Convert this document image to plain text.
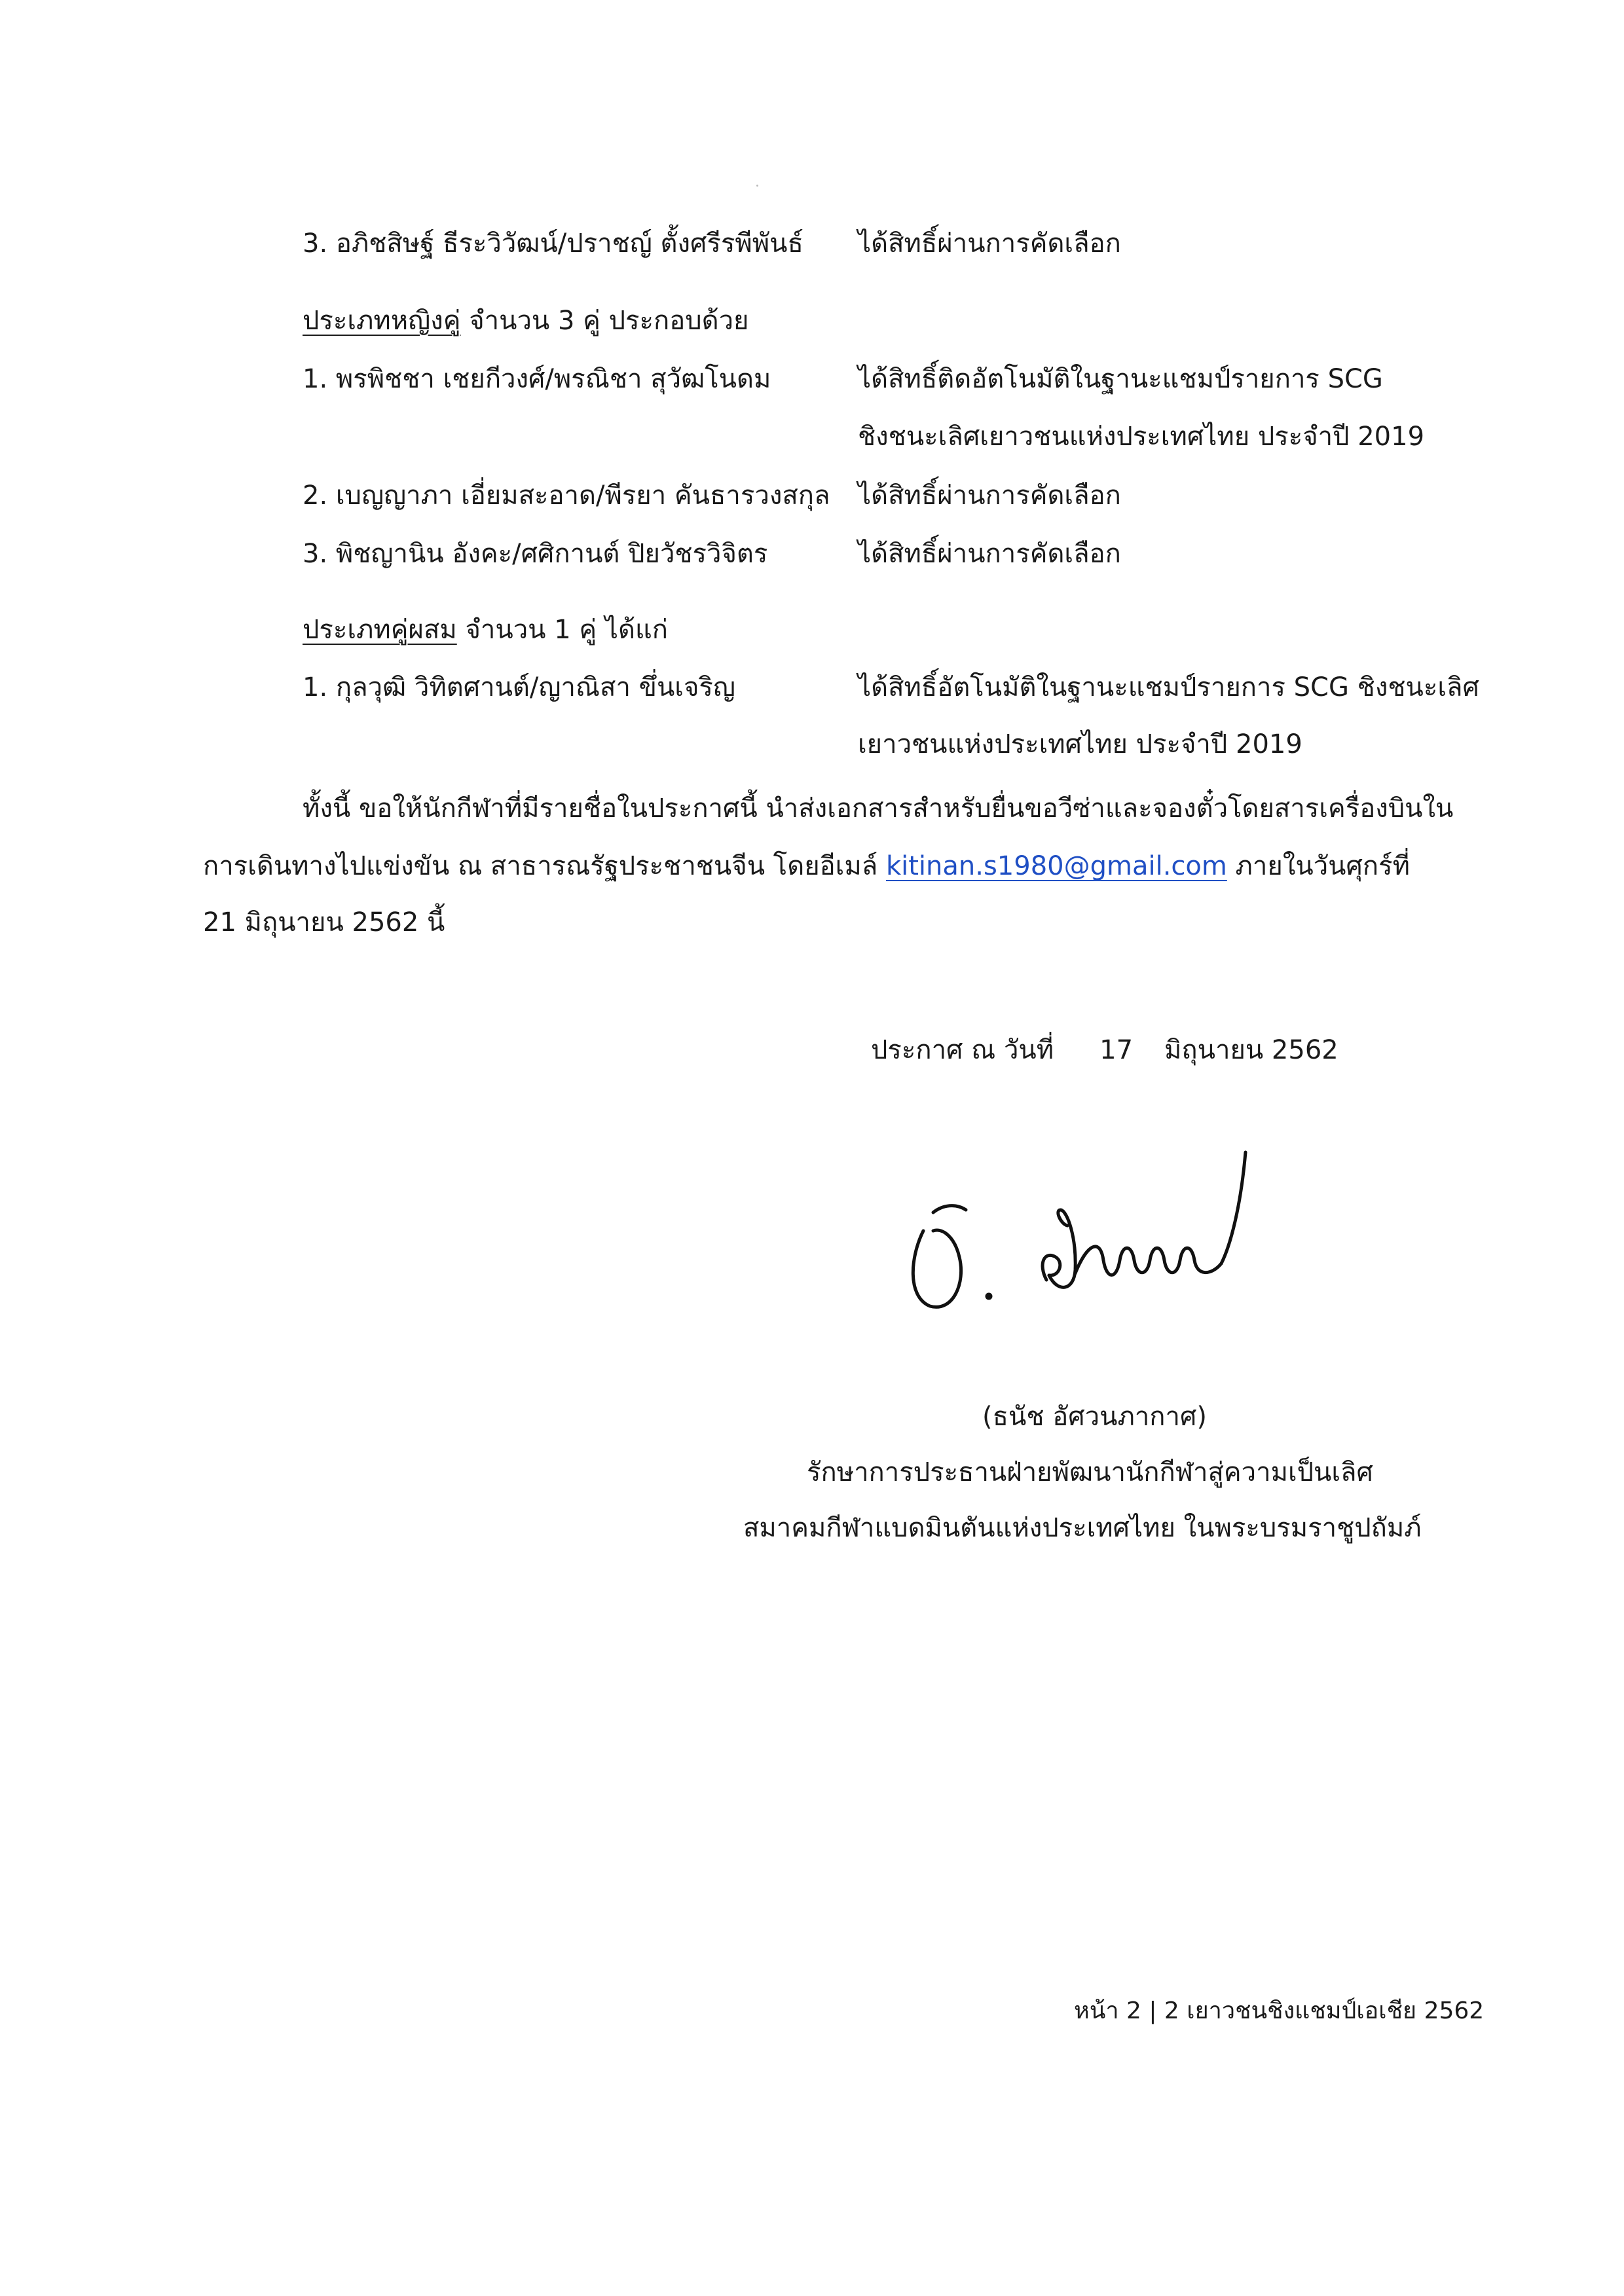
3. อภิชสิษฐ์ ธีระวิวัฒน์/ปราชญ์ ตั้งศรีรพีพันธ์ ได้สิทธิ์ผ่านการคัดเลือก
ประเภทหญิงคู่ จำนวน 3 คู่ ประกอบด้วย
1. พรพิชชา เชยกีวงศ์/พรณิชา สุวัฒโนดม	ได้สิทธิ์ติดอัตโนมัติในฐานะแชมป์รายการ SCG
ชิงชนะเลิศเยาวชนแห่งประเทศไทย ประจำปี 2019
2. เบญญาภา เอี่ยมสะอาด/พีรยา คันธารวงสกุล ได้สิทธิ์ผ่านการคัดเลือก
3. พิชญานิน อังคะ/ศศิกานต์ ปิยวัชรวิจิตร	ได้สิทธิ์ผ่านการคัดเลือก
ประเภทคู่ผสม จำนวน 1 คู่ ได้แก่
1. กุลวุฒิ วิทิตศานต์/ญาณิสา ขึ่นเจริญ	ได้สิทธิ์อัตโนมัติในฐานะแชมป์รายการ SCG ชิงชนะเลิศ
เยาวชนแห่งประเทศไทย ประจำปี 2019
ทั้งนี้ ขอให้นักกีฬาที่มีรายชื่อในประกาศนี้ นำส่งเอกสารสำหรับยื่นขอวีซ่าและจองตั๋วโดยสารเครื่องบินใน
การเดินทางไปแข่งขัน ณ สาธารณรัฐประชาชนจีน โดยอีเมล์ kitinan.s1980@gmail.com ภายในวันศุกร์ที่
21 มิถุนายน 2562 นี้
ประกาศ ณ วันที่ 17 มิถุนายน 2562
(ธนัช อัศวนภากาศ)
รักษาการประธานฝ่ายพัฒนานักกีฬาสู่ความเป็นเลิศ
สมาคมกีฬาแบดมินตันแห่งประเทศไทย ในพระบรมราชูปถัมภ์
หน้า 2 | 2 เยาวชนชิงแชมป์เอเชีย 2562
